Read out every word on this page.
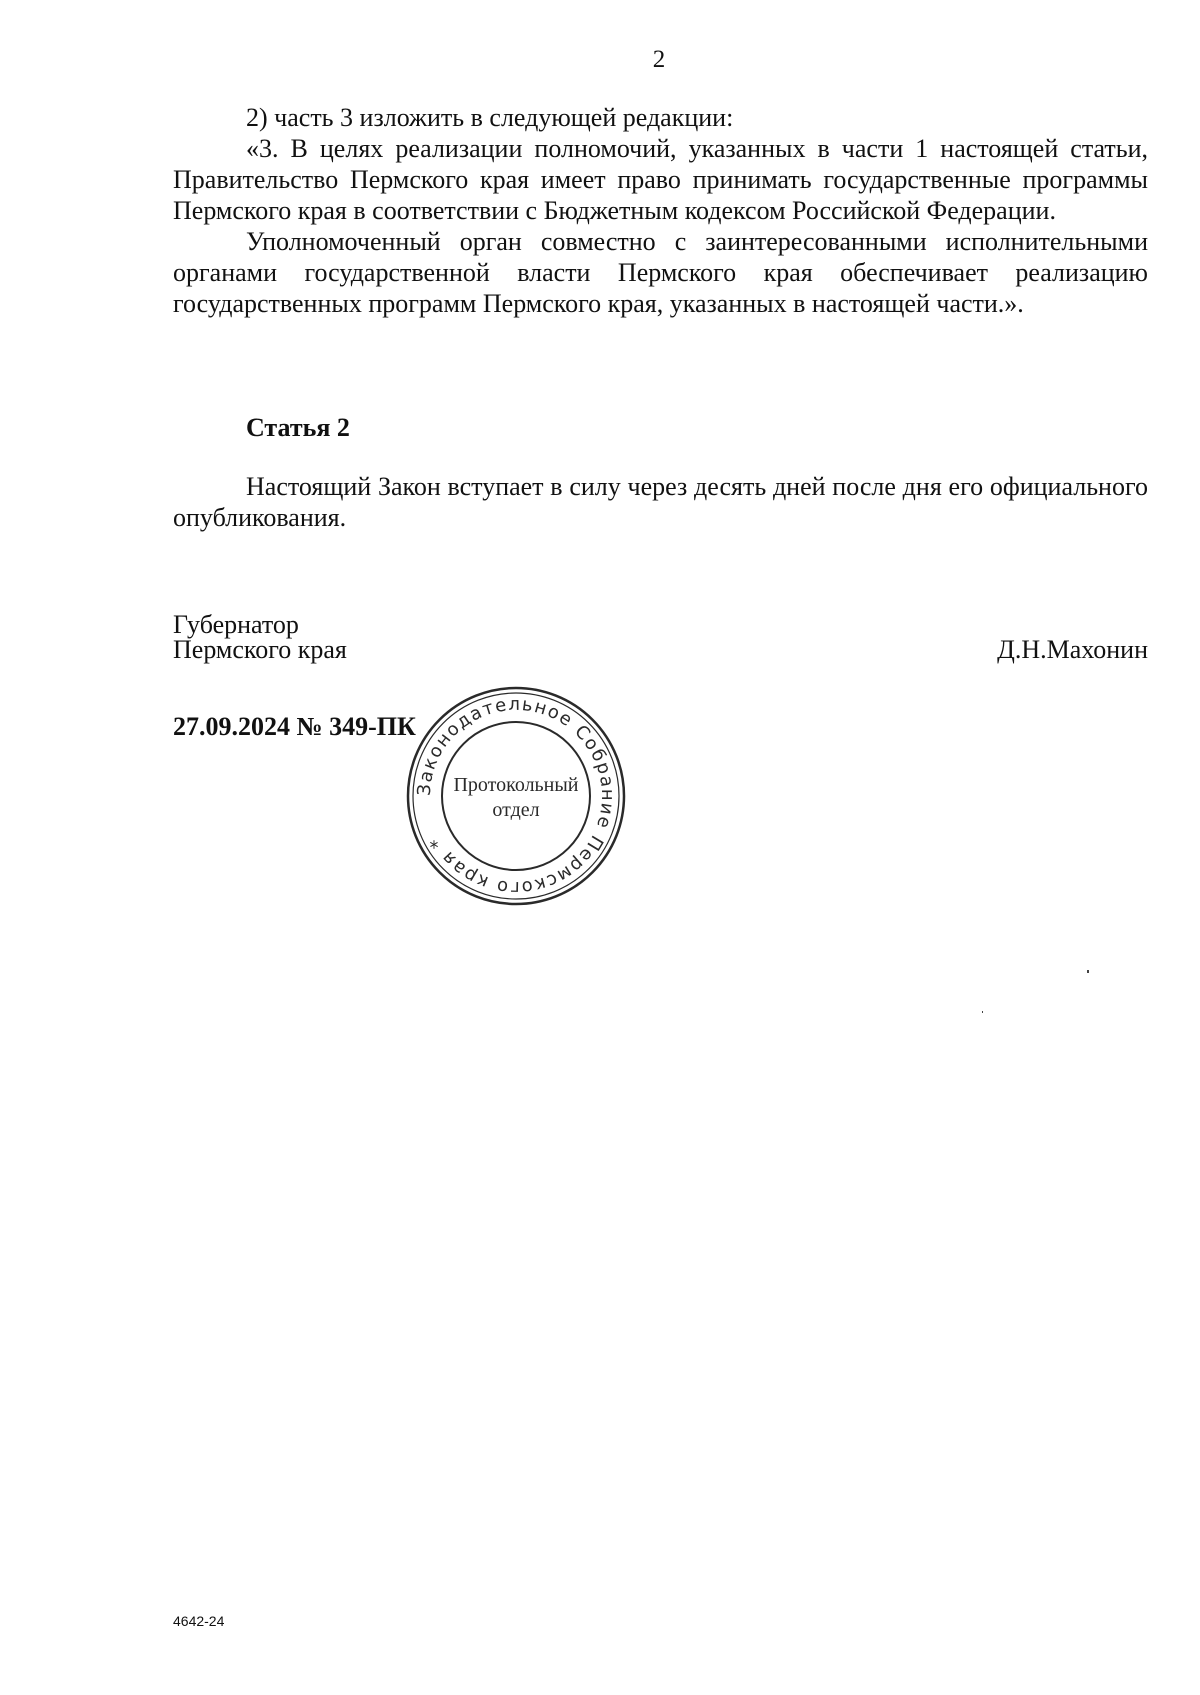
2

2) часть 3 изложить в следующей редакции:

«3. В целях реализации полномочий, указанных в части 1 настоящей статьи, Правительство Пермского края имеет право принимать государственные программы Пермского края в соответствии с Бюджетным кодексом Российской Федерации.

Уполномоченный орган совместно с заинтересованными исполнительными органами государственной власти Пермского края обеспечивает реализацию государственных программ Пермского края, указанных в настоящей части.».

Статья 2

Настоящий Закон вступает в силу через десять дней после дня его официального опубликования.

Губернатор
Пермского края	Д.Н.Махонин
27.09.2024 № 349-ПК
Законодательное Собрание Пермского края *
Протокольный
отдел
4642-24
